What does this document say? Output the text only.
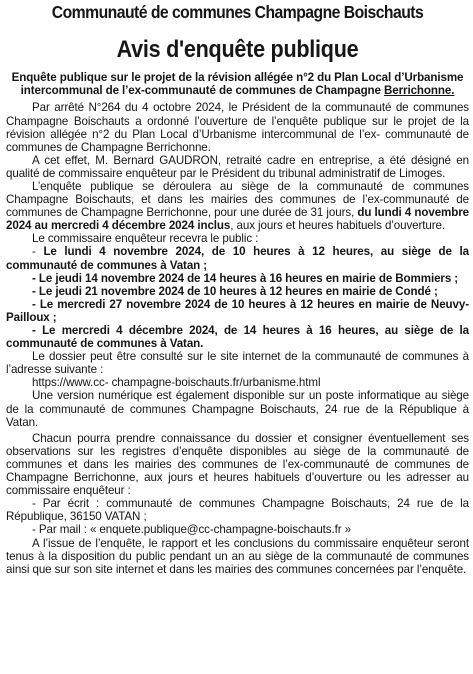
Communauté de communes Champagne Boischauts
Avis d'enquête publique
Enquête publique sur le projet de la révision allégée n°2 du Plan Local d’Urbanisme intercommunal de l’ex-communauté de communes de Champagne Berrichonne.

Par arrêté N°264 du 4 octobre 2024, le Président de la communauté de communes Champagne Boischauts a ordonné l’ouverture de l’enquête publique sur le projet de la révision allégée n°2 du Plan Local d’Urbanisme intercommunal de l’ex- communauté de communes de Champagne Berrichonne.

A cet effet, M. Bernard GAUDRON, retraité cadre en entreprise, a été désigné en qualité de commissaire enquêteur par le Président du tribunal administratif de Limoges.

L’enquête publique se déroulera au siège de la communauté de communes Champagne Boischauts, et dans les mairies des communes de l’ex-communauté de communes de Champagne Berrichonne, pour une durée de 31 jours, du lundi 4 novembre 2024 au mercredi 4 décembre 2024 inclus, aux jours et heures habituels d’ouverture.

Le commissaire enquêteur recevra le public :

- Le lundi 4 novembre 2024, de 10 heures à 12 heures, au siège de la communauté de communes à Vatan ;

- Le jeudi 14 novembre 2024 de 14 heures à 16 heures en mairie de Bommiers ;

- Le jeudi 21 novembre 2024 de 10 heures à 12 heures en mairie de Condé ;

- Le mercredi 27 novembre 2024 de 10 heures à 12 heures en mairie de Neuvy-Pailloux ;

- Le mercredi 4 décembre 2024, de 14 heures à 16 heures, au siège de la communauté de communes à Vatan.

Le dossier peut être consulté sur le site internet de la communauté de communes à l’adresse suivante :

https://www.cc- champagne-boischauts.fr/urbanisme.html

Une version numérique est également disponible sur un poste informatique au siège de la communauté de communes Champagne Boischauts, 24 rue de la République à Vatan.

Chacun pourra prendre connaissance du dossier et consigner éventuellement ses observations sur les registres d’enquête disponibles au siège de la communauté de communes et dans les mairies des communes de l’ex-communauté de communes de Champagne Berrichonne, aux jours et heures habituels d’ouverture ou les adresser au commissaire enquêteur :

- Par écrit : communauté de communes Champagne Boischauts, 24 rue de la République, 36150 VATAN ;

- Par mail : « enquete.publique@cc-champagne-boischauts.fr »

A l’issue de l’enquête, le rapport et les conclusions du commissaire enquêteur seront tenus à la disposition du public pendant un an au siège de la communauté de communes ainsi que sur son site internet et dans les mairies des communes concernées par l’enquête.
